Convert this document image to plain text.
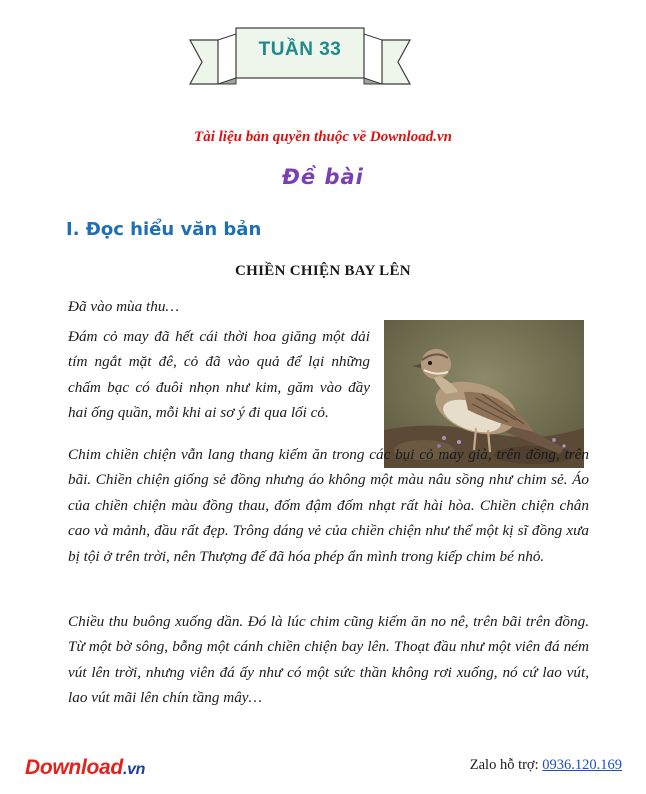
TUẦN 33
Tài liệu bản quyền thuộc về Download.vn
Đề bài
I. Đọc hiểu văn bản
CHIỀN CHIỆN BAY LÊN
Đã vào mùa thu…
Đám cỏ may đã hết cái thời hoa giăng một dải tím ngắt mặt đê, cỏ đã vào quả để lại những chấm bạc có đuôi nhọn như kim, găm vào đầy hai ống quần, mỗi khi ai sơ ý đi qua lối cỏ.
Chim chiền chiện vẫn lang thang kiếm ăn trong các bụi cỏ may già, trên đồng, trên bãi. Chiền chiện giống sẻ đồng nhưng áo không một màu nâu sồng như chim sẻ. Áo của chiền chiện màu đồng thau, đốm đậm đốm nhạt rất hài hòa. Chiền chiện chân cao và mảnh, đầu rất đẹp. Trông dáng vẻ của chiền chiện như thể một kị sĩ đồng xưa bị tội ở trên trời, nên Thượng đế đã hóa phép ẩn mình trong kiếp chim bé nhỏ.
Chiều thu buông xuống dần. Đó là lúc chim cũng kiếm ăn no nê, trên bãi trên đồng. Từ một bờ sông, bỗng một cánh chiền chiện bay lên. Thoạt đầu như một viên đá ném vút lên trời, nhưng viên đá ấy như có một sức thần không rơi xuống, nó cứ lao vút, lao vút mãi lên chín tầng mây…
Download.vn	Zalo hỗ trợ: 0936.120.169
